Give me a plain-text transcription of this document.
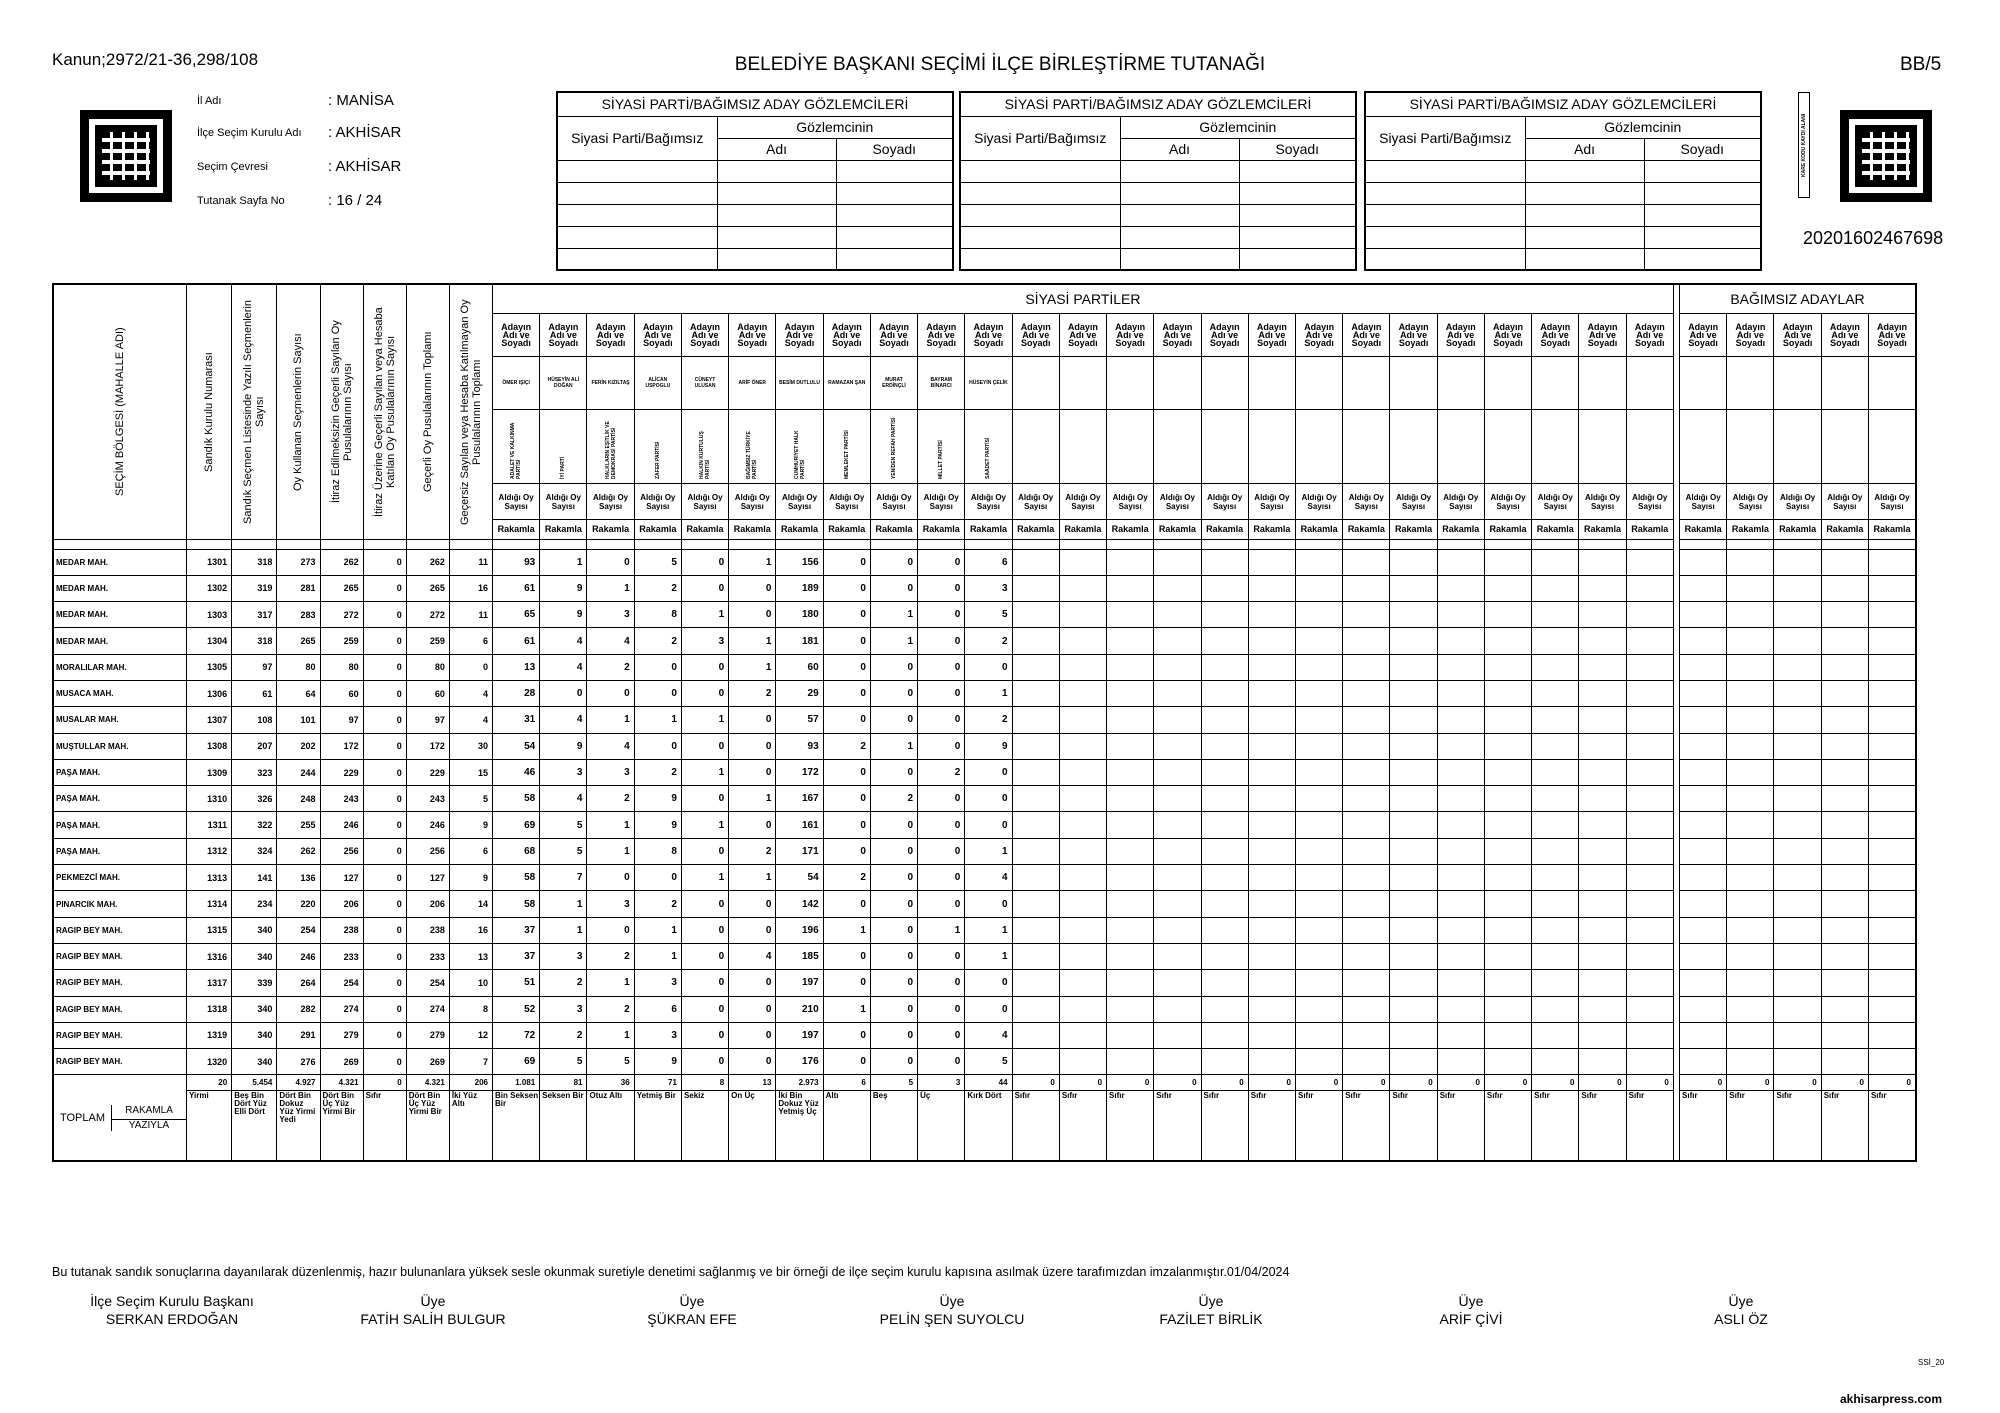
Kanun;2972/21-36,298/108	BELEDİYE BAŞKANI SEÇİMİ İLÇE BİRLEŞTİRME TUTANAĞI	BB/5
İl Adı	: MANİSA
İlçe Seçim Kurulu Adı : AKHİSAR
Seçim Çevresi	: AKHİSAR
Tutanak Sayfa No	: 16 / 24
SİYASİ PARTİ/BAĞIMSIZ ADAY GÖZLEMCİLERİ		
Siyasi Parti/Bağımsız	Gözlemcinin	
	Adı	Soyadı

SİYASİ PARTİ/BAĞIMSIZ ADAY GÖZLEMCİLERİ		
Siyasi Parti/Bağımsız	Gözlemcinin	
	Adı	Soyadı

SİYASİ PARTİ/BAĞIMSIZ ADAY GÖZLEMCİLERİ		
Siyasi Parti/Bağımsız	Gözlemcinin	
	Adı	Soyadı

			KARE KODU KAYDI ALANI
20201602467698
SEÇİM BÖLGESİ (MAHALLE ADI)	Sandık Kurulu Numarası	Sandık Seçmen Listesinde Yazılı Seçmenlerin Sayısı	Oy Kullanan Seçmenlerin Sayısı	İtiraz Edilmeksizin Geçerli Sayılan Oy Pusulalarının Sayısı	İtiraz Üzerine Geçerli Sayılan veya Hesaba Katılan Oy Pusulalarının Sayısı	Geçerli Oy Pusulalarının Toplamı	Geçersiz Sayılan veya Hesaba Katılmayan Oy Pusulalarının Toplamı	SİYASİ PARTİLER																										BAĞIMSIZ ADAYLAR				
								Adayın Adı ve Soyadı	Adayın Adı ve Soyadı	Adayın Adı ve Soyadı	Adayın Adı ve Soyadı	Adayın Adı ve Soyadı	Adayın Adı ve Soyadı	Adayın Adı ve Soyadı	Adayın Adı ve Soyadı	Adayın Adı ve Soyadı	Adayın Adı ve Soyadı	Adayın Adı ve Soyadı	Adayın Adı ve Soyadı	Adayın Adı ve Soyadı	Adayın Adı ve Soyadı	Adayın Adı ve Soyadı	Adayın Adı ve Soyadı	Adayın Adı ve Soyadı	Adayın Adı ve Soyadı	Adayın Adı ve Soyadı	Adayın Adı ve Soyadı	Adayın Adı ve Soyadı	Adayın Adı ve Soyadı	Adayın Adı ve Soyadı	Adayın Adı ve Soyadı	Adayın Adı ve Soyadı		Adayın Adı ve Soyadı	Adayın Adı ve Soyadı	Adayın Adı ve Soyadı	Adayın Adı ve Soyadı	Adayın Adı ve Soyadı

								ÖMER IŞIÇI	HÜSEYİN ALİ DOĞAN	FERİN KIZILTAŞ	ALİCAN USPOGLU	CÜNEYT ULUSAN	ARİF ÖNER	BESİM DUTLULU	RAMAZAN ŞAN	MURAT ERDİNÇLİ	BAYRAM BİNARCI	HÜSEYİN ÇELİK																				

								ADALET VE KALKINMA PARTİSİ	İYİ PARTİ	HALKLARIN EŞİTLİK VE DEMOKRASİ PARTİSİ	ZAFER PARTİSİ	HALKIN KURTULUŞ PARTİSİ	BAĞIMSIZ TÜRKİYE PARTİSİ	CUMHURİYET HALK PARTİSİ	MEMLEKET PARTİSİ	YENİDEN REFAH PARTİSİ	MİLLET PARTİSİ	SAADET PARTİSİ																				

								Aldığı Oy Sayısı	Aldığı Oy Sayısı	Aldığı Oy Sayısı	Aldığı Oy Sayısı	Aldığı Oy Sayısı	Aldığı Oy Sayısı	Aldığı Oy Sayısı	Aldığı Oy Sayısı	Aldığı Oy Sayısı	Aldığı Oy Sayısı	Aldığı Oy Sayısı	Aldığı Oy Sayısı	Aldığı Oy Sayısı	Aldığı Oy Sayısı	Aldığı Oy Sayısı	Aldığı Oy Sayısı	Aldığı Oy Sayısı	Aldığı Oy Sayısı	Aldığı Oy Sayısı	Aldığı Oy Sayısı	Aldığı Oy Sayısı	Aldığı Oy Sayısı	Aldığı Oy Sayısı	Aldığı Oy Sayısı	Aldığı Oy Sayısı		Aldığı Oy Sayısı	Aldığı Oy Sayısı	Aldığı Oy Sayısı	Aldığı Oy Sayısı	Aldığı Oy Sayısı
								Rakamla	Rakamla	Rakamla	Rakamla	Rakamla	Rakamla	Rakamla	Rakamla	Rakamla	Rakamla	Rakamla	Rakamla	Rakamla	Rakamla	Rakamla	Rakamla	Rakamla	Rakamla	Rakamla	Rakamla	Rakamla	Rakamla	Rakamla	Rakamla	Rakamla		Rakamla	Rakamla	Rakamla	Rakamla	Rakamla

MEDAR MAH.	1301	318	273	262	0	262	11	93	1	0	5	0	1	156	0	0	0	6																				
MEDAR MAH.	1302	319	281	265	0	265	16	61	9	1	2	0	0	189	0	0	0	3																				
MEDAR MAH.	1303	317	283	272	0	272	11	65	9	3	8	1	0	180	0	1	0	5																				
MEDAR MAH.	1304	318	265	259	0	259	6	61	4	4	2	3	1	181	0	1	0	2																				
MORALILAR MAH.	1305	97	80	80	0	80	0	13	4	2	0	0	1	60	0	0	0	0																				
MUSACA MAH.	1306	61	64	60	0	60	4	28	0	0	0	0	2	29	0	0	0	1																				
MUSALAR MAH.	1307	108	101	97	0	97	4	31	4	1	1	1	0	57	0	0	0	2																				
MUŞTULLAR MAH.	1308	207	202	172	0	172	30	54	9	4	0	0	0	93	2	1	0	9																				
PAŞA MAH.	1309	323	244	229	0	229	15	46	3	3	2	1	0	172	0	0	2	0																				
PAŞA MAH.	1310	326	248	243	0	243	5	58	4	2	9	0	1	167	0	2	0	0																				
PAŞA MAH.	1311	322	255	246	0	246	9	69	5	1	9	1	0	161	0	0	0	0																				
PAŞA MAH.	1312	324	262	256	0	256	6	68	5	1	8	0	2	171	0	0	0	1																				
PEKMEZCİ MAH.	1313	141	136	127	0	127	9	58	7	0	0	1	1	54	2	0	0	4																				
PINARCIK MAH.	1314	234	220	206	0	206	14	58	1	3	2	0	0	142	0	0	0	0																				
RAGIP BEY MAH.	1315	340	254	238	0	238	16	37	1	0	1	0	0	196	1	0	1	1																				
RAGIP BEY MAH.	1316	340	246	233	0	233	13	37	3	2	1	0	4	185	0	0	0	1																				
RAGIP BEY MAH.	1317	339	264	254	0	254	10	51	2	1	3	0	0	197	0	0	0	0																				
RAGIP BEY MAH.	1318	340	282	274	0	274	8	52	3	2	6	0	0	210	1	0	0	0																				
RAGIP BEY MAH.	1319	340	291	279	0	279	12	72	2	1	3	0	0	197	0	0	0	4																				
RAGIP BEY MAH.	1320	340	276	269	0	269	7	69	5	5	9	0	0	176	0	0	0	5																				

TOPLAM
RAKAMLA
YAZIYLA	20	5.454	4.927	4.321	0	4.321	206	1.081	81	36	71	8	13	2.973	6	5	3	44	0	0	0	0	0	0	0	0	0	0	0	0	0	0		0	0	0	0	0
	Yirmi	Beş Bin Dört Yüz Elli Dört	Dört Bin Dokuz Yüz Yirmi Yedi	Dört Bin Üç Yüz Yirmi Bir	Sıfır	Dört Bin Üç Yüz Yirmi Bir	İki Yüz Altı	Bin Seksen Bir	Seksen Bir	Otuz Altı	Yetmiş Bir	Sekiz	On Üç	İki Bin Dokuz Yüz Yetmiş Üç	Altı	Beş	Üç	Kırk Dört	Sıfır	Sıfır	Sıfır	Sıfır	Sıfır	Sıfır	Sıfır	Sıfır	Sıfır	Sıfır	Sıfır	Sıfır	Sıfır	Sıfır		Sıfır	Sıfır	Sıfır	Sıfır	Sıfır
Bu tutanak sandık sonuçlarına dayanılarak düzenlenmiş, hazır bulunanlara yüksek sesle okunmak suretiyle denetimi sağlanmış ve bir örneği de ilçe seçim kurulu kapısına asılmak üzere tarafımızdan imzalanmıştır.01/04/2024
İlçe Seçim Kurulu Başkanı
SERKAN ERDOĞAN
Üye
FATİH SALİH BULGUR
Üye
ŞÜKRAN EFE
Üye
PELİN ŞEN SUYOLCU
Üye
FAZİLET BİRLİK
Üye
ARİF ÇİVİ
Üye
ASLI ÖZ
SSİ_20
akhisarpress.com
